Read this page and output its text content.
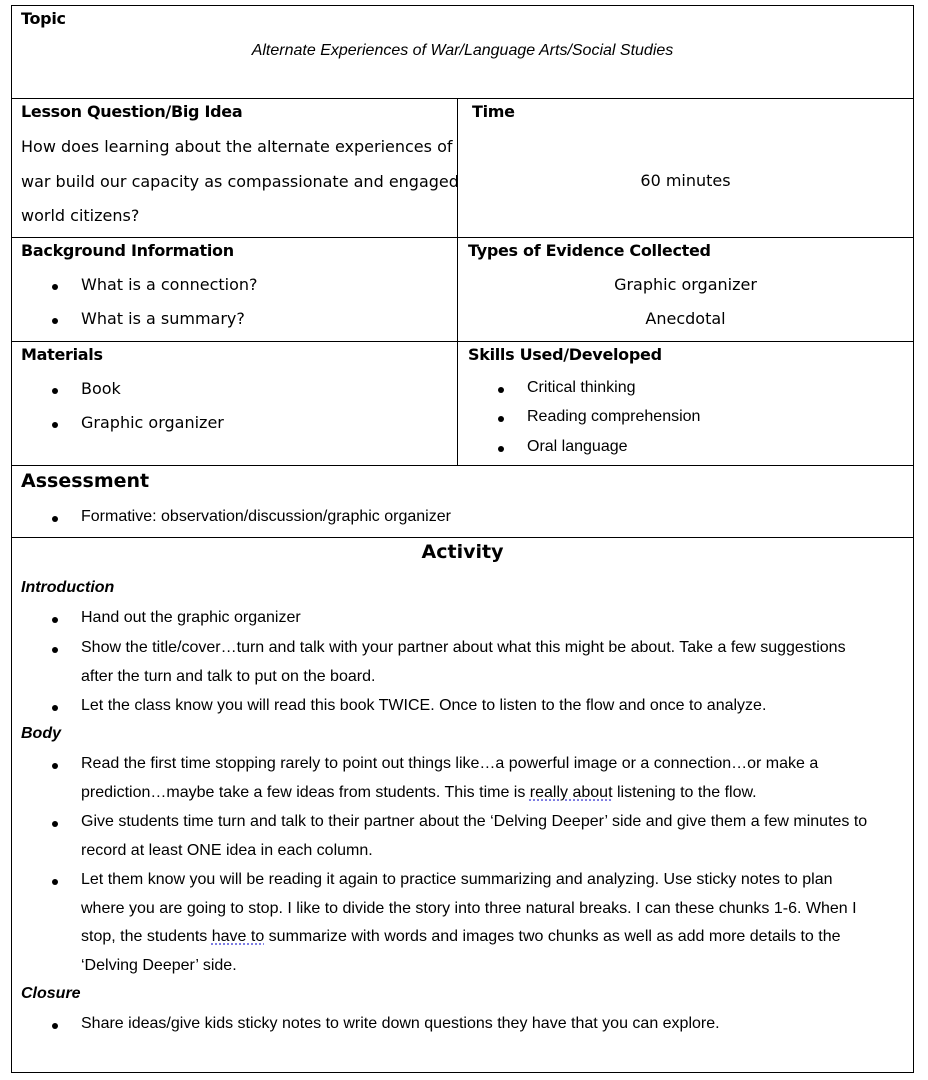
Topic
Alternate Experiences of War/Language Arts/Social Studies
Lesson Question/Big Idea
How does learning about the alternate experiences of
war build our capacity as compassionate and engaged
world citizens?
Time
60 minutes
Background Information
What is a connection?
What is a summary?
Types of Evidence Collected
Graphic organizer
Anecdotal
Materials
Book
Graphic organizer
Skills Used/Developed
Critical thinking
Reading comprehension
Oral language
Assessment
Formative: observation/discussion/graphic organizer
Activity
Introduction
Hand out the graphic organizer
Show the title/cover…turn and talk with your partner about what this might be about. Take a few suggestions
after the turn and talk to put on the board.
Let the class know you will read this book TWICE. Once to listen to the flow and once to analyze.
Body
Read the first time stopping rarely to point out things like…a powerful image or a connection…or make a
prediction…maybe take a few ideas from students. This time is really about listening to the flow.
Give students time turn and talk to their partner about the ‘Delving Deeper’ side and give them a few minutes to
record at least ONE idea in each column.
Let them know you will be reading it again to practice summarizing and analyzing. Use sticky notes to plan
where you are going to stop. I like to divide the story into three natural breaks. I can these chunks 1-6. When I
stop, the students have to summarize with words and images two chunks as well as add more details to the
‘Delving Deeper’ side.
Closure
Share ideas/give kids sticky notes to write down questions they have that you can explore.
